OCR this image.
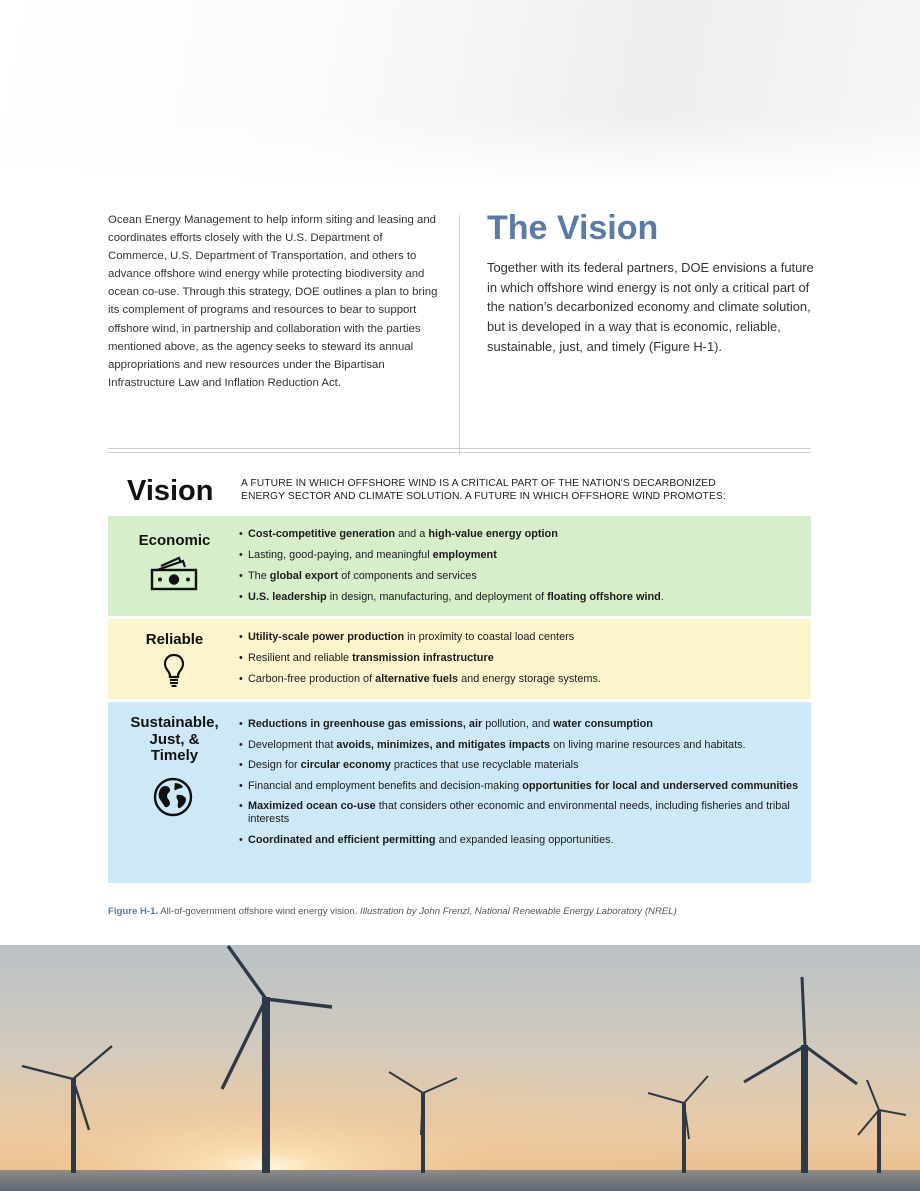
Ocean Energy Management to help inform siting and leasing and coordinates efforts closely with the U.S. Department of Commerce, U.S. Department of Transportation, and others to advance offshore wind energy while protecting biodiversity and ocean co-use. Through this strategy, DOE outlines a plan to bring its complement of programs and resources to bear to support offshore wind, in partnership and collaboration with the parties mentioned above, as the agency seeks to steward its annual appropriations and new resources under the Bipartisan Infrastructure Law and Inflation Reduction Act.

The Vision

Together with its federal partners, DOE envisions a future in which offshore wind energy is not only a critical part of the nation’s decarbonized economy and climate solution, but is developed in a way that is economic, reliable, sustainable, just, and timely (Figure H-1).

Vision	A FUTURE IN WHICH OFFSHORE WIND IS A CRITICAL PART OF THE NATION'S DECARBONIZED
ENERGY SECTOR AND CLIMATE SOLUTION. A FUTURE IN WHICH OFFSHORE WIND PROMOTES:
Economic	• Cost-competitive generation and a high-value energy option
• Lasting, good-paying, and meaningful employment
• The global export of components and services
• U.S. leadership in design, manufacturing, and deployment of floating offshore wind.
Reliable	• Utility-scale power production in proximity to coastal load centers
• Resilient and reliable transmission infrastructure
• Carbon-free production of alternative fuels and energy storage systems.
Sustainable,
Just, &
Timely
• Reductions in greenhouse gas emissions, air pollution, and water consumption
• Development that avoids, minimizes, and mitigates impacts on living marine resources and habitats.
• Design for circular economy practices that use recyclable materials
• Financial and employment benefits and decision-making opportunities for local and underserved communities
• Maximized ocean co-use that considers other economic and environmental needs, including fisheries and tribal interests
• Coordinated and efficient permitting and expanded leasing opportunities.
Figure H-1. All-of-government offshore wind energy vision. Illustration by John Frenzl, National Renewable Energy Laboratory (NREL)
